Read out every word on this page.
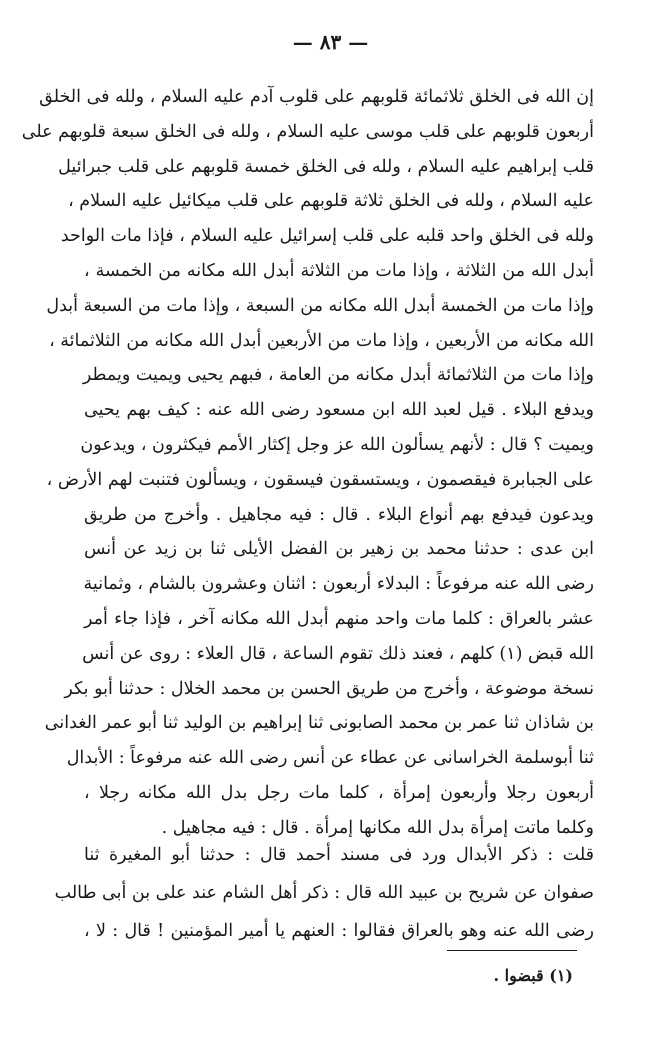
— ٨٣ —
إن الله فى الخلق ثلاثمائة قلوبهم على قلوب آدم عليه السلام ، ولله فى الخلق
أربعون قلوبهم على قلب موسى عليه السلام ، ولله فى الخلق سبعة قلوبهم على
قلب إبراهيم عليه السلام ، ولله فى الخلق خمسة قلوبهم على قلب جبرائيل
عليه السلام ، ولله فى الخلق ثلاثة قلوبهم على قلب ميكائيل عليه السلام ،
ولله فى الخلق واحد قلبه على قلب إسرائيل عليه السلام ، فإذا مات الواحد
أبدل الله من الثلاثة ، وإذا مات من الثلاثة أبدل الله مكانه من الخمسة ،
وإذا مات من الخمسة أبدل الله مكانه من السبعة ، وإذا مات من السبعة أبدل
الله مكانه من الأربعين ، وإذا مات من الأربعين أبدل الله مكانه من الثلاثمائة ،
وإذا مات من الثلاثمائة أبدل مكانه من العامة ، فبهم يحيى ويميت ويمطر
ويدفع البلاء . قيل لعبد الله ابن مسعود رضى الله عنه : كيف بهم يحيى
ويميت ؟ قال : لأنهم يسألون الله عز وجل إكثار الأمم فيكثرون ، ويدعون
على الجبابرة فيقصمون ، ويستسقون فيسقون ، ويسألون فتنبت لهم الأرض ،
ويدعون فيدفع بهم أنواع البلاء . قال : فيه مجاهيل . وأخرج من طريق
ابن عدى : حدثنا محمد بن زهير بن الفضل الأيلى ثنا بن زيد عن أنس
رضى الله عنه مرفوعاً : البدلاء أربعون : اثنان وعشرون بالشام ، وثمانية
عشر بالعراق : كلما مات واحد منهم أبدل الله مكانه آخر ، فإذا جاء أمر
الله قبض (١) كلهم ، فعند ذلك تقوم الساعة ، قال العلاء : روى عن أنس
نسخة موضوعة ، وأخرج من طريق الحسن بن محمد الخلال : حدثنا أبو بكر
بن شاذان ثنا عمر بن محمد الصابونى ثنا إبراهيم بن الوليد ثنا أبو عمر الغدانى
ثنا أبوسلمة الخراسانى عن عطاء عن أنس رضى الله عنه مرفوعاً : الأبدال
أربعون رجلا وأربعون إمرأة ، كلما مات رجل بدل الله مكانه رجلا ،
وكلما ماتت إمرأة بدل الله مكانها إمرأة . قال : فيه مجاهيل .
قلت : ذكر الأبدال ورد فى مسند أحمد قال : حدثنا أبو المغيرة ثنا
صفوان عن شريح بن عبيد الله قال : ذكر أهل الشام عند على بن أبى طالب
رضى الله عنه وهو بالعراق فقالوا : العنهم يا أمير المؤمنين ! قال : لا ،
(١) قبضوا .
